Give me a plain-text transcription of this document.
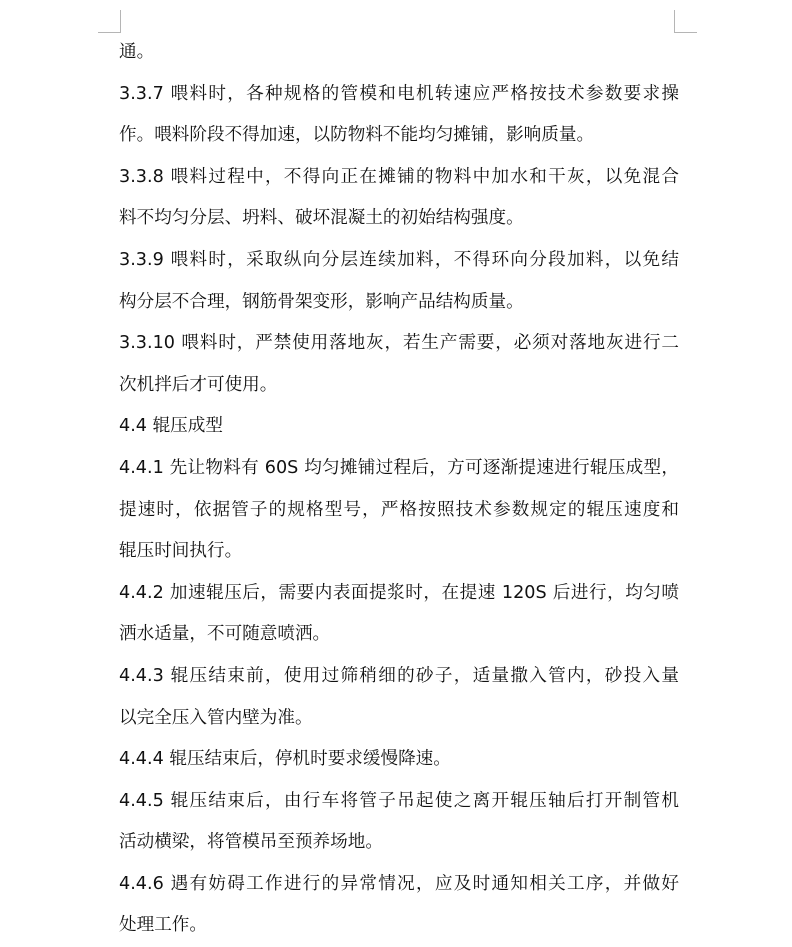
通。
3.3.7 喂料时，各种规格的管模和电机转速应严格按技术参数要求操
作。喂料阶段不得加速，以防物料不能均匀摊铺，影响质量。
3.3.8 喂料过程中，不得向正在摊铺的物料中加水和干灰，以免混合
料不均匀分层、坍料、破坏混凝土的初始结构强度。
3.3.9 喂料时，采取纵向分层连续加料，不得环向分段加料，以免结
构分层不合理，钢筋骨架变形，影响产品结构质量。
3.3.10 喂料时，严禁使用落地灰，若生产需要，必须对落地灰进行二
次机拌后才可使用。
4.4 辊压成型
4.4.1 先让物料有 60S 均匀摊铺过程后，方可逐渐提速进行辊压成型，
提速时，依据管子的规格型号，严格按照技术参数规定的辊压速度和
辊压时间执行。
4.4.2 加速辊压后，需要内表面提浆时，在提速 120S 后进行，均匀喷
洒水适量，不可随意喷洒。
4.4.3 辊压结束前，使用过筛稍细的砂子，适量撒入管内，砂投入量
以完全压入管内壁为准。
4.4.4 辊压结束后，停机时要求缓慢降速。
4.4.5 辊压结束后，由行车将管子吊起使之离开辊压轴后打开制管机
活动横梁，将管模吊至预养场地。
4.4.6 遇有妨碍工作进行的异常情况，应及时通知相关工序，并做好
处理工作。
